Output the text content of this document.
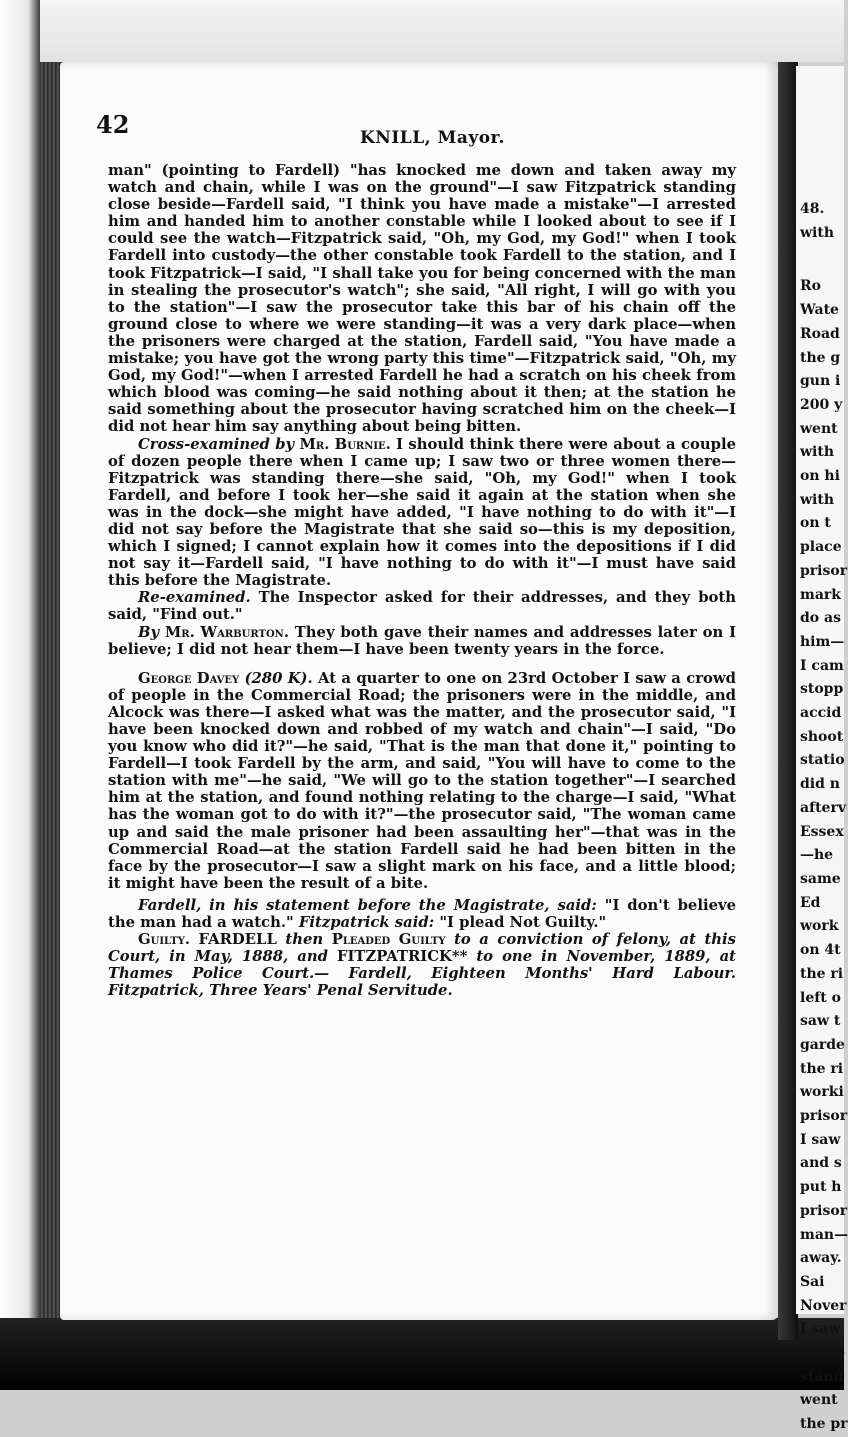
48.
with
Ro
Wate
Road
the g
gun i
200 y
went
with
on hi
with
on t
place
prisor
mark
do as
him—
I cam
stopp
accid
shoot
statio
did n
afterv
Essex
—he
same
Ed
work
on 4t
the ri
left o
saw t
garde
the ri
worki
prisor
I saw
and s
put h
prisor
man—
away.
Sai
Nover
I saw
garde
stand
went
the pr
42	KNILL, Mayor.

man" (pointing to Fardell) "has knocked me down and taken away my watch and chain, while I was on the ground"—I saw Fitzpatrick standing close beside—Fardell said, "I think you have made a mistake"—I arrested him and handed him to another constable while I looked about to see if I could see the watch—Fitzpatrick said, "Oh, my God, my God!" when I took Fardell into custody—the other constable took Fardell to the station, and I took Fitzpatrick—I said, "I shall take you for being concerned with the man in stealing the prosecutor's watch"; she said, "All right, I will go with you to the station"—I saw the prosecutor take this bar of his chain off the ground close to where we were standing—it was a very dark place—when the prisoners were charged at the station, Fardell said, "You have made a mistake; you have got the wrong party this time"—Fitzpatrick said, "Oh, my God, my God!"—when I arrested Fardell he had a scratch on his cheek from which blood was coming—he said nothing about it then; at the station he said something about the prosecutor having scratched him on the cheek—I did not hear him say anything about being bitten.

Cross-examined by Mr. Burnie. I should think there were about a couple of dozen people there when I came up; I saw two or three women there—Fitzpatrick was standing there—she said, "Oh, my God!" when I took Fardell, and before I took her—she said it again at the station when she was in the dock—she might have added, "I have nothing to do with it"—I did not say before the Magistrate that she said so—this is my deposition, which I signed; I cannot explain how it comes into the depositions if I did not say it—Fardell said, "I have nothing to do with it"—I must have said this before the Magistrate.

Re-examined. The Inspector asked for their addresses, and they both said, "Find out."

By Mr. Warburton. They both gave their names and addresses later on I believe; I did not hear them—I have been twenty years in the force.

George Davey (280 K). At a quarter to one on 23rd October I saw a crowd of people in the Commercial Road; the prisoners were in the middle, and Alcock was there—I asked what was the matter, and the prosecutor said, "I have been knocked down and robbed of my watch and chain"—I said, "Do you know who did it?"—he said, "That is the man that done it," pointing to Fardell—I took Fardell by the arm, and said, "You will have to come to the station with me"—he said, "We will go to the station together"—I searched him at the station, and found nothing relating to the charge—I said, "What has the woman got to do with it?"—the prosecutor said, "The woman came up and said the male prisoner had been assaulting her"—that was in the Commercial Road—at the station Fardell said he had been bitten in the face by the prosecutor—I saw a slight mark on his face, and a little blood; it might have been the result of a bite.

Fardell, in his statement before the Magistrate, said: "I don't believe the man had a watch." Fitzpatrick said: "I plead Not Guilty."

Guilty. FARDELL then Pleaded Guilty to a conviction of felony, at this Court, in May, 1888, and FITZPATRICK** to one in November, 1889, at Thames Police Court.— Fardell, Eighteen Months' Hard Labour. Fitzpatrick, Three Years' Penal Servitude.
